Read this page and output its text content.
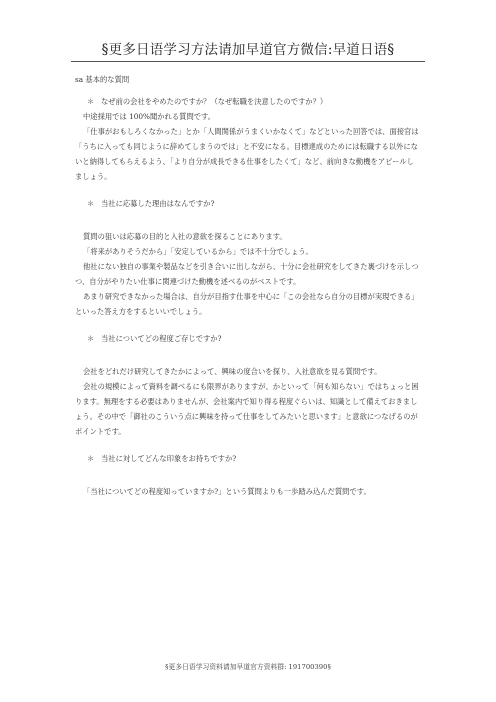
§更多日语学习方法请加早道官方微信:早道日语§

sa 基本的な質問

＊ なぜ前の会社をやめたのですか？（なぜ転職を決意したのですか？）

中途採用では 100%聞かれる質問です。

「仕事がおもしろくなかった」とか「人間関係がうまくいかなくて」などといった回答では、面接官は「うちに入っても同じように辞めてしまうのでは」と不安になる。目標達成のためには転職する以外にないと納得してもらえるよう、「より自分が成長できる仕事をしたくて」など、前向きな動機をアピールしましょう。

＊ 当社に応募した理由はなんですか?

質問の狙いは応募の目的と入社の意欲を探ることにあります。

「将来がありそうだから」「安定しているから」では不十分でしょう。

他社にない独自の事業や製品などを引き合いに出しながら、十分に会社研究をしてきた裏づけを示しつつ、自分がやりたい仕事に関連づけた動機を述べるのがベストです。

あまり研究できなかった場合は、自分が目指す仕事を中心に「この会社なら自分の目標が実現できる」といった答え方をするといいでしょう。

＊ 当社についてどの程度ご存じですか?

会社をどれだけ研究してきたかによって、興味の度合いを探り、入社意欲を見る質問です。

会社の規模によって資料を調べるにも限界がありますが、かといって「何も知らない」ではちょっと困ります。無理をする必要はありませんが、会社案内で知り得る程度ぐらいは、知識として備えておきましょう。その中で「御社のこういう点に興味を持って仕事をしてみたいと思います」と意欲につなげるのがポイントです。

＊ 当社に対してどんな印象をお持ちですか?

「当社についてどの程度知っていますか?」という質問よりも一歩踏み込んだ質問です。

§更多日语学习资料请加早道官方资料群: 191700390§
